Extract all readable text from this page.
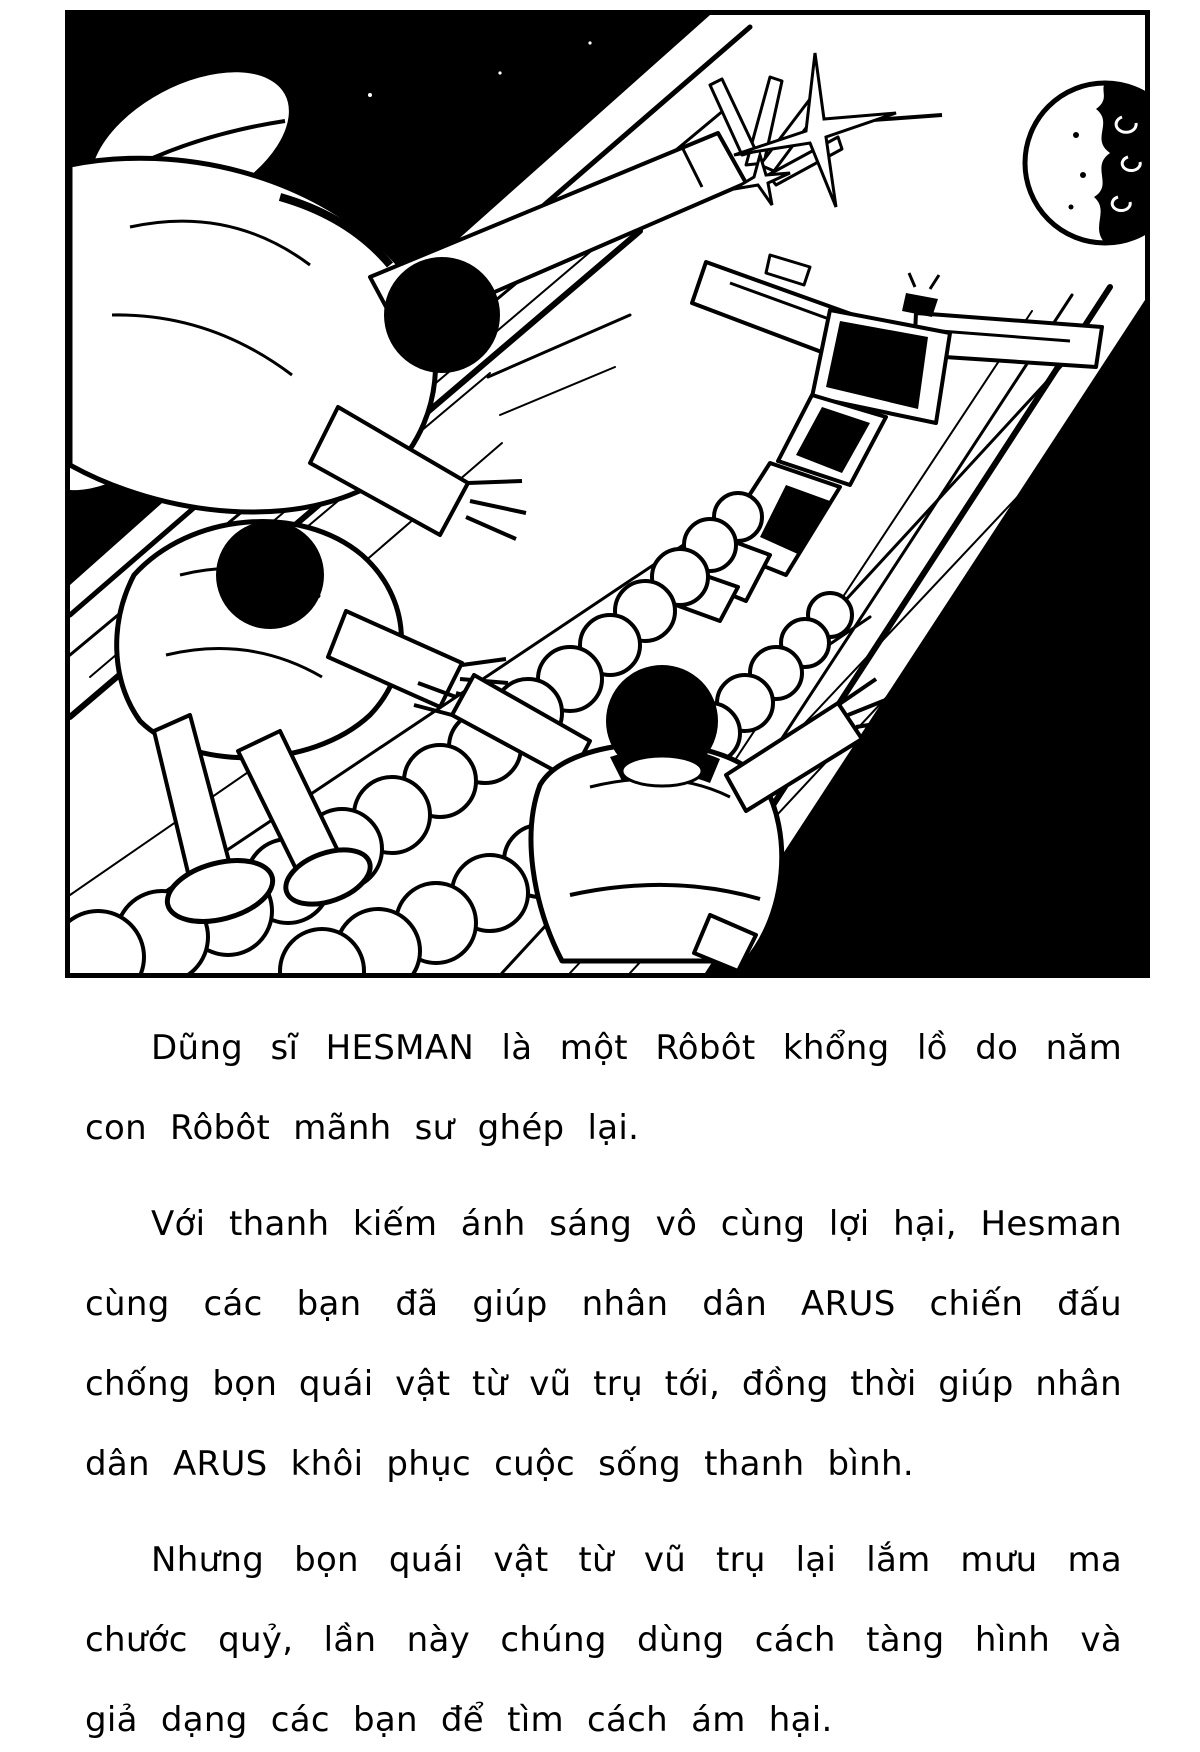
Dũng sĩ HESMAN là một Rôbôt khổng lồ do năm
con Rôbôt mãnh sư ghép lại.
Với thanh kiếm ánh sáng vô cùng lợi hại, Hesman
cùng các bạn đã giúp nhân dân ARUS chiến đấu
chống bọn quái vật từ vũ trụ tới, đồng thời giúp nhân
dân ARUS khôi phục cuộc sống thanh bình.
Nhưng bọn quái vật từ vũ trụ lại lắm mưu ma
chước quỷ, lần này chúng dùng cách tàng hình và
giả dạng các bạn để tìm cách ám hại.
